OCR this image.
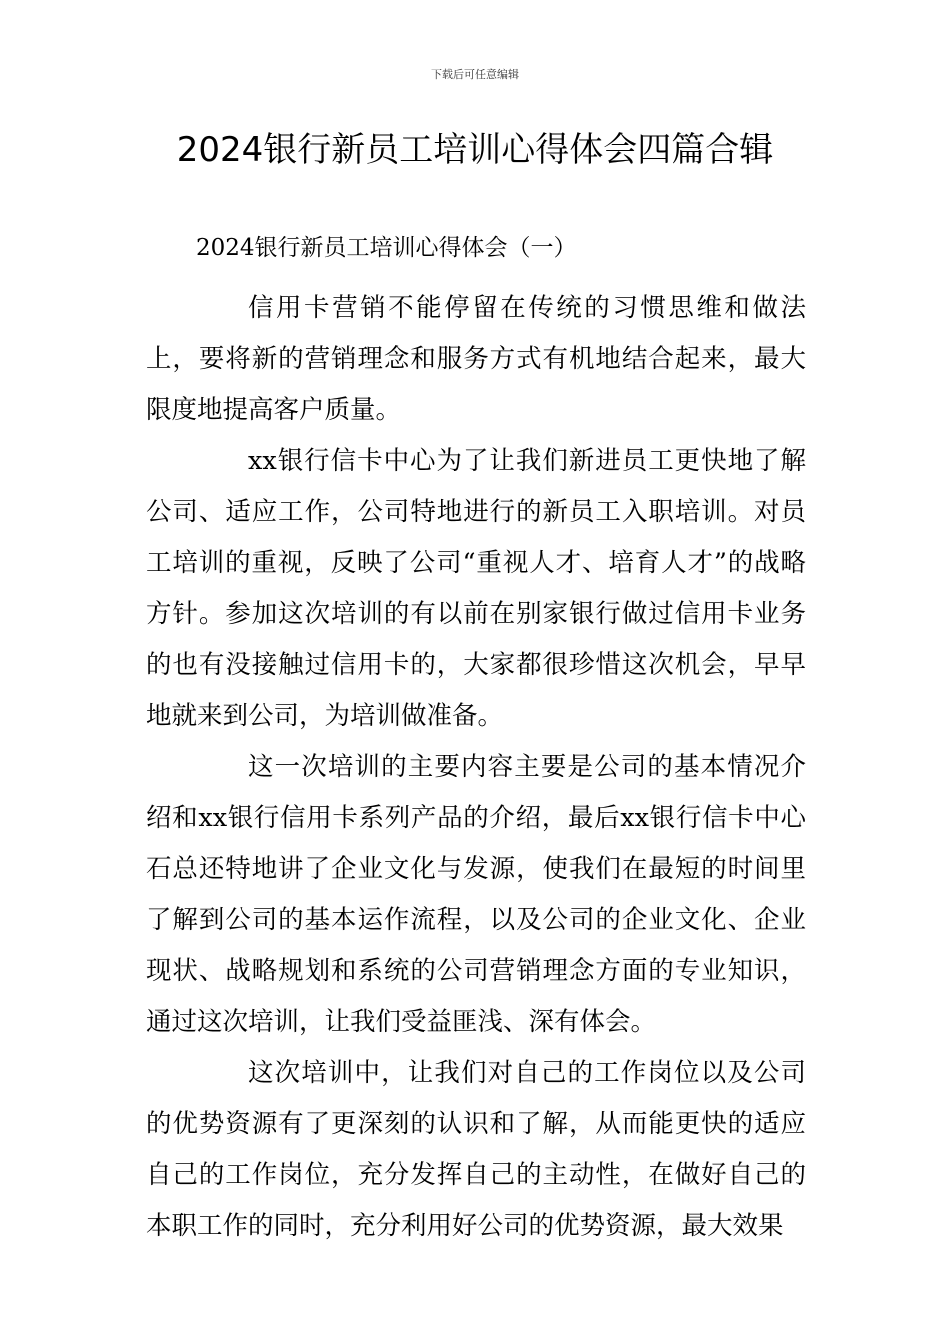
下载后可任意编辑
2024银行新员工培训心得体会四篇合辑
2024银行新员工培训心得体会（一）

信用卡营销不能停留在传统的习惯思维和做法上，要将新的营销理念和服务方式有机地结合起来，最大限度地提高客户质量。

xx银行信卡中心为了让我们新进员工更快地了解公司、适应工作，公司特地进行的新员工入职培训。对员工培训的重视，反映了公司“重视人才、培育人才”的战略方针。参加这次培训的有以前在别家银行做过信用卡业务的也有没接触过信用卡的，大家都很珍惜这次机会，早早地就来到公司，为培训做准备。

这一次培训的主要内容主要是公司的基本情况介绍和xx银行信用卡系列产品的介绍，最后xx银行信卡中心石总还特地讲了企业文化与发源，使我们在最短的时间里了解到公司的基本运作流程，以及公司的企业文化、企业现状、战略规划和系统的公司营销理念方面的专业知识，通过这次培训，让我们受益匪浅、深有体会。

这次培训中，让我们对自己的工作岗位以及公司的优势资源有了更深刻的认识和了解，从而能更快的适应自己的工作岗位，充分发挥自己的主动性，在做好自己的本职工作的同时，充分利用好公司的优势资源，最大效果
